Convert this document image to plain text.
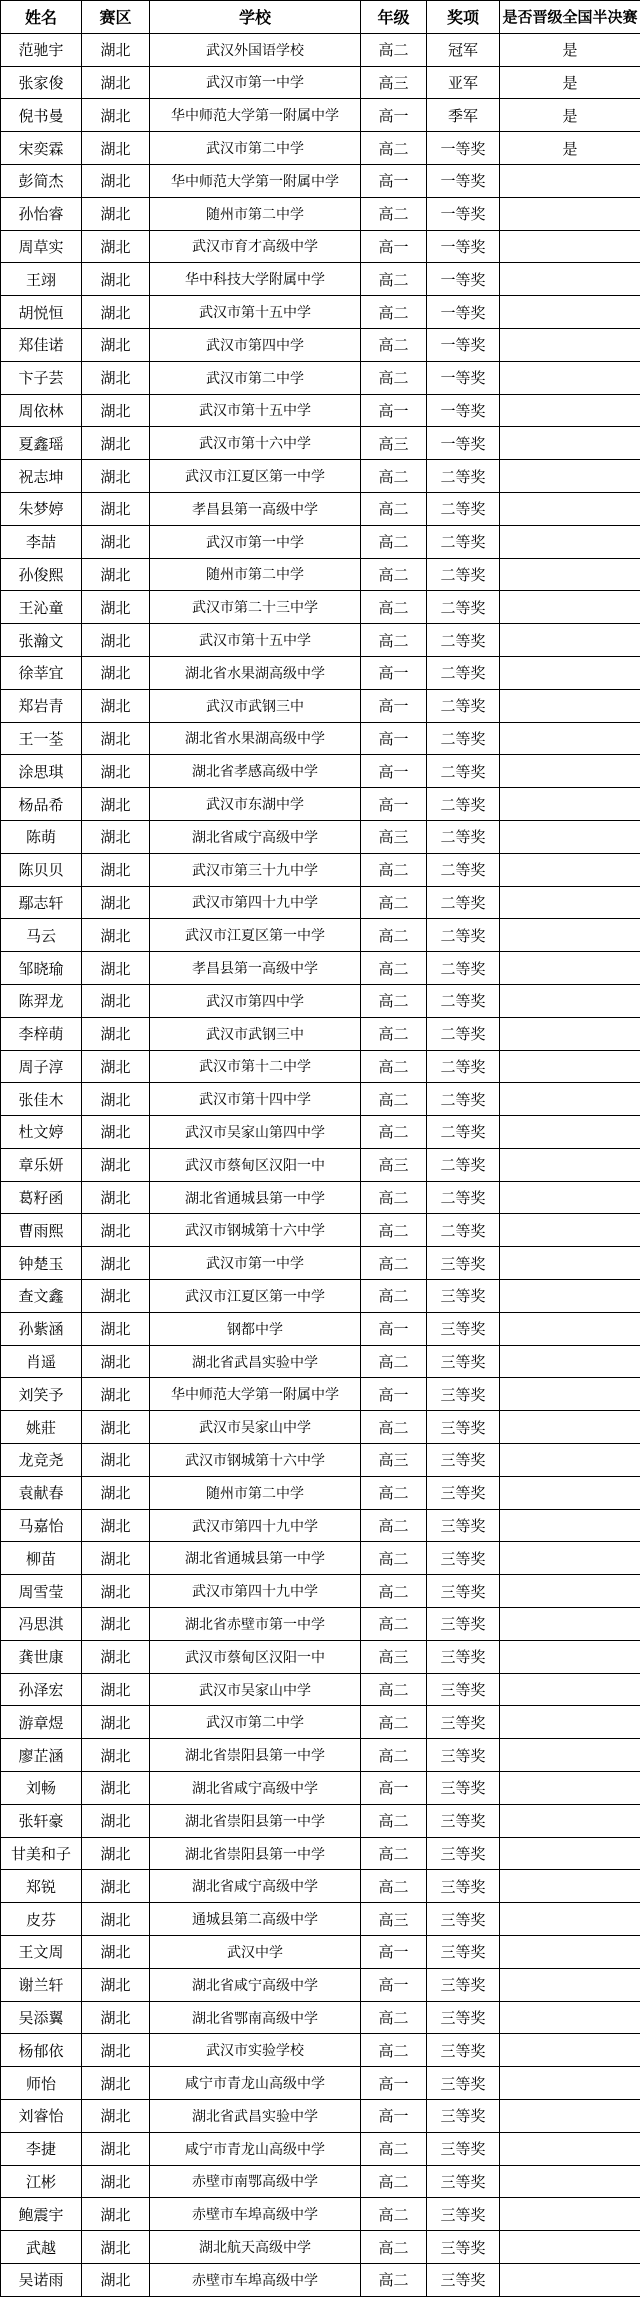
姓名	赛区	学校	年级	奖项	是否晋级全国半决赛
范驰宇	湖北	武汉外国语学校	高二	冠军	是
张家俊	湖北	武汉市第一中学	高三	亚军	是
倪书曼	湖北	华中师范大学第一附属中学	高一	季军	是
宋奕霖	湖北	武汉市第二中学	高二	一等奖	是
彭简杰	湖北	华中师范大学第一附属中学	高一	一等奖	
孙怡睿	湖北	随州市第二中学	高二	一等奖	
周草实	湖北	武汉市育才高级中学	高一	一等奖	
王翊	湖北	华中科技大学附属中学	高二	一等奖	
胡悦恒	湖北	武汉市第十五中学	高二	一等奖	
郑佳诺	湖北	武汉市第四中学	高二	一等奖	
卞子芸	湖北	武汉市第二中学	高二	一等奖	
周依林	湖北	武汉市第十五中学	高一	一等奖	
夏鑫瑶	湖北	武汉市第十六中学	高三	一等奖	
祝志坤	湖北	武汉市江夏区第一中学	高二	二等奖	
朱梦婷	湖北	孝昌县第一高级中学	高二	二等奖	
李喆	湖北	武汉市第一中学	高二	二等奖	
孙俊熙	湖北	随州市第二中学	高二	二等奖	
王沁童	湖北	武汉市第二十三中学	高二	二等奖	
张瀚文	湖北	武汉市第十五中学	高二	二等奖	
徐莘宜	湖北	湖北省水果湖高级中学	高一	二等奖	
郑岩青	湖北	武汉市武钢三中	高一	二等奖	
王一荃	湖北	湖北省水果湖高级中学	高一	二等奖	
涂思琪	湖北	湖北省孝感高级中学	高一	二等奖	
杨品希	湖北	武汉市东湖中学	高一	二等奖	
陈萌	湖北	湖北省咸宁高级中学	高三	二等奖	
陈贝贝	湖北	武汉市第三十九中学	高二	二等奖	
鄢志轩	湖北	武汉市第四十九中学	高二	二等奖	
马云	湖北	武汉市江夏区第一中学	高二	二等奖	
邹晓瑜	湖北	孝昌县第一高级中学	高二	二等奖	
陈羿龙	湖北	武汉市第四中学	高二	二等奖	
李梓萌	湖北	武汉市武钢三中	高二	二等奖	
周子淳	湖北	武汉市第十二中学	高二	二等奖	
张佳木	湖北	武汉市第十四中学	高二	二等奖	
杜文婷	湖北	武汉市吴家山第四中学	高二	二等奖	
章乐妍	湖北	武汉市蔡甸区汉阳一中	高三	二等奖	
葛籽函	湖北	湖北省通城县第一中学	高二	二等奖	
曹雨熙	湖北	武汉市钢城第十六中学	高二	二等奖	
钟楚玉	湖北	武汉市第一中学	高二	三等奖	
查文鑫	湖北	武汉市江夏区第一中学	高二	三等奖	
孙紫涵	湖北	钢都中学	高一	三等奖	
肖遥	湖北	湖北省武昌实验中学	高二	三等奖	
刘笑予	湖北	华中师范大学第一附属中学	高一	三等奖	
姚莊	湖北	武汉市吴家山中学	高二	三等奖	
龙竞尧	湖北	武汉市钢城第十六中学	高三	三等奖	
袁献春	湖北	随州市第二中学	高二	三等奖	
马嘉怡	湖北	武汉市第四十九中学	高二	三等奖	
柳苗	湖北	湖北省通城县第一中学	高二	三等奖	
周雪莹	湖北	武汉市第四十九中学	高二	三等奖	
冯思淇	湖北	湖北省赤壁市第一中学	高二	三等奖	
龚世康	湖北	武汉市蔡甸区汉阳一中	高三	三等奖	
孙泽宏	湖北	武汉市吴家山中学	高二	三等奖	
游章煜	湖北	武汉市第二中学	高二	三等奖	
廖芷涵	湖北	湖北省崇阳县第一中学	高二	三等奖	
刘畅	湖北	湖北省咸宁高级中学	高一	三等奖	
张轩豪	湖北	湖北省崇阳县第一中学	高二	三等奖	
甘美和子	湖北	湖北省崇阳县第一中学	高二	三等奖	
郑锐	湖北	湖北省咸宁高级中学	高二	三等奖	
皮芬	湖北	通城县第二高级中学	高三	三等奖	
王文周	湖北	武汉中学	高一	三等奖	
谢兰轩	湖北	湖北省咸宁高级中学	高一	三等奖	
吴添翼	湖北	湖北省鄂南高级中学	高二	三等奖	
杨郁依	湖北	武汉市实验学校	高二	三等奖	
师怡	湖北	咸宁市青龙山高级中学	高一	三等奖	
刘睿怡	湖北	湖北省武昌实验中学	高一	三等奖	
李捷	湖北	咸宁市青龙山高级中学	高二	三等奖	
江彬	湖北	赤壁市南鄂高级中学	高二	三等奖	
鲍震宇	湖北	赤壁市车埠高级中学	高二	三等奖	
武越	湖北	湖北航天高级中学	高二	三等奖	
吴诺雨	湖北	赤壁市车埠高级中学	高二	三等奖	
